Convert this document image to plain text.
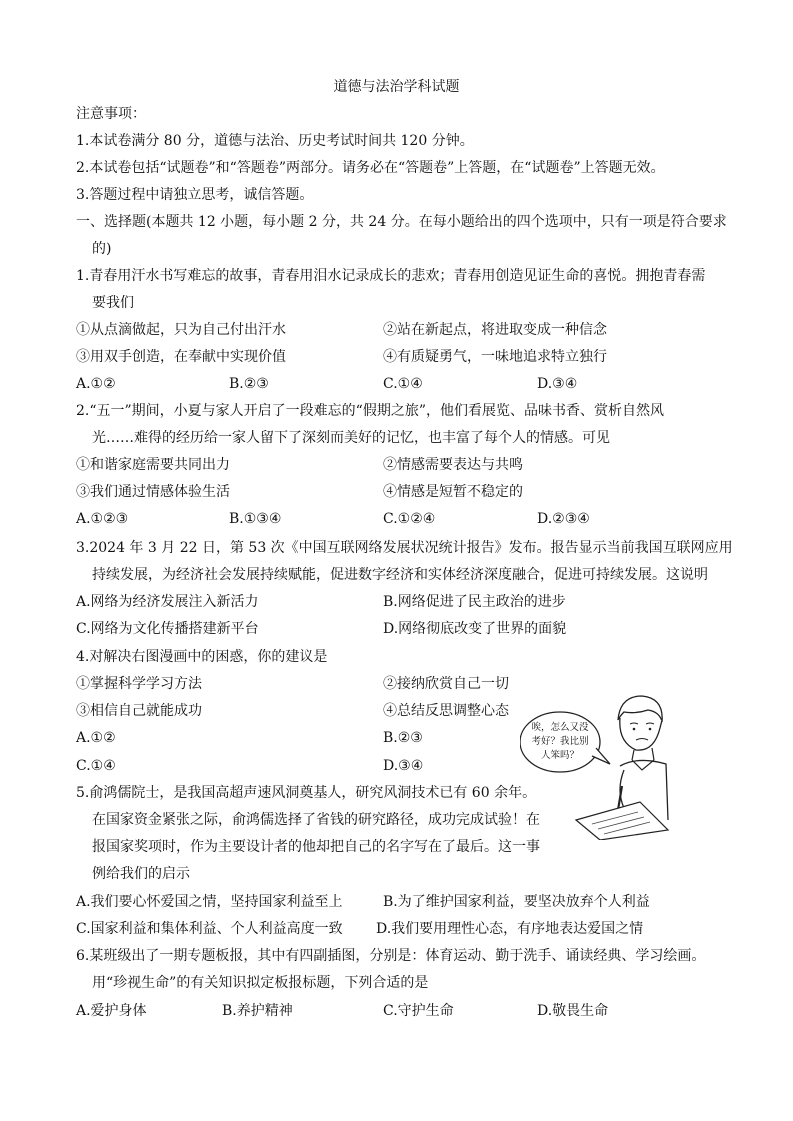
道德与法治学科试题
注意事项：
1.本试卷满分 80 分，道德与法治、历史考试时间共 120 分钟。
2.本试卷包括“试题卷”和“答题卷”两部分。请务必在“答题卷”上答题，在“试题卷”上答题无效。
3.答题过程中请独立思考，诚信答题。
一、选择题(本题共 12 小题，每小题 2 分，共 24 分。在每小题给出的四个选项中，只有一项是符合要求
的)
1.青春用汗水书写难忘的故事，青春用泪水记录成长的悲欢；青春用创造见证生命的喜悦。拥抱青春需
要我们
①从点滴做起，只为自己付出汗水	②站在新起点，将进取变成一种信念
③用双手创造，在奉献中实现价值	④有质疑勇气，一味地追求特立独行
A.①②	B.②③	C.①④	D.③④
2.“五一”期间，小夏与家人开启了一段难忘的“假期之旅”，他们看展览、品味书香、赏析自然风
光……难得的经历给一家人留下了深刻而美好的记忆，也丰富了每个人的情感。可见
①和谐家庭需要共同出力	②情感需要表达与共鸣
③我们通过情感体验生活	④情感是短暂不稳定的
A.①②③	B.①③④	C.①②④	D.②③④
3.2024 年 3 月 22 日，第 53 次《中国互联网络发展状况统计报告》发布。报告显示当前我国互联网应用
持续发展，为经济社会发展持续赋能，促进数字经济和实体经济深度融合，促进可持续发展。这说明
A.网络为经济发展注入新活力	B.网络促进了民主政治的进步
C.网络为文化传播搭建新平台	D.网络彻底改变了世界的面貌
4.对解决右图漫画中的困惑，你的建议是
①掌握科学学习方法	②接纳欣赏自己一切
③相信自己就能成功	④总结反思调整心态
A.①②	B.②③
C.①④	D.③④
唉，怎么又没
考好？我比别
人笨吗？
5.俞鸿儒院士，是我国高超声速风洞奠基人，研究风洞技术已有 60 余年。
在国家资金紧张之际，俞鸿儒选择了省钱的研究路径，成功完成试验！在
报国家奖项时，作为主要设计者的他却把自己的名字写在了最后。这一事
例给我们的启示
A.我们要心怀爱国之情，坚持国家利益至上	B.为了维护国家利益，要坚决放弃个人利益
C.国家利益和集体利益、个人利益高度一致 D.我们要用理性心态，有序地表达爱国之情
6.某班级出了一期专题板报，其中有四副插图，分别是：体育运动、勤于洗手、诵读经典、学习绘画。
用“珍视生命”的有关知识拟定板报标题，下列合适的是
A.爱护身体	B.养护精神	C.守护生命	D.敬畏生命
